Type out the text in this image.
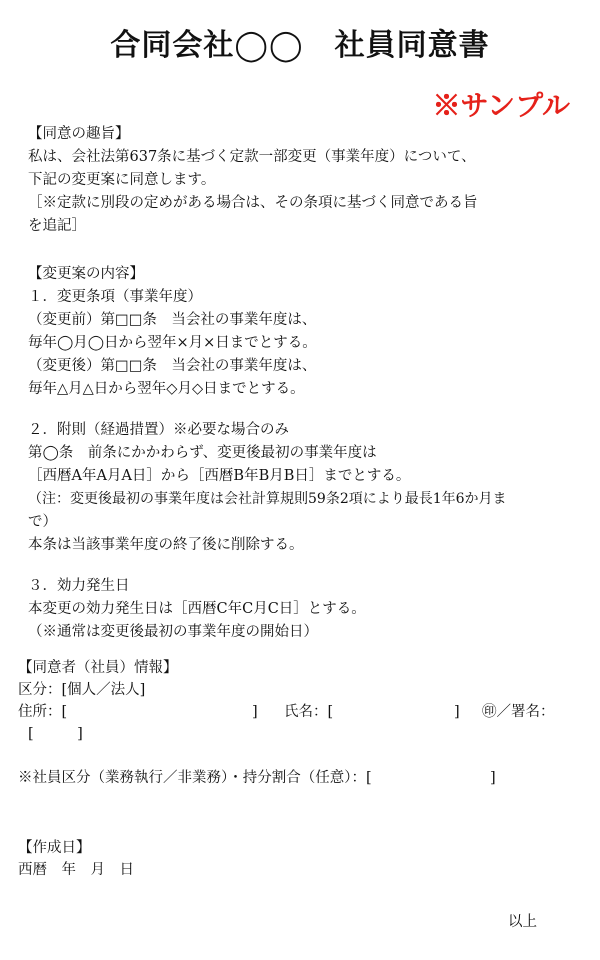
合同会社◯◯　社員同意書
※サンプル
【同意の趣旨】
私は、会社法第637条に基づく定款一部変更（事業年度）について、
下記の変更案に同意します。
［※定款に別段の定めがある場合は、その条項に基づく同意である旨
を追記］
【変更案の内容】
１．変更条項（事業年度）
（変更前）第□□条　当会社の事業年度は、
毎年◯月◯日から翌年×月×日までとする。
（変更後）第□□条　当会社の事業年度は、
毎年△月△日から翌年◇月◇日までとする。
２．附則（経過措置）※必要な場合のみ
第◯条　前条にかかわらず、変更後最初の事業年度は
［西暦A年A月A日］から［西暦B年B月B日］までとする。
（注：変更後最初の事業年度は会社計算規則59条2項により最長1年6か月ま
で）
本条は当該事業年度の終了後に削除する。
３．効力発生日
本変更の効力発生日は［西暦C年C月C日］とする。
（※通常は変更後最初の事業年度の開始日）
【同意者（社員）情報】
区分：[個人／法人]
住所：[	] 氏名：[	] ㊞／署名：
[　　　]
※社員区分（業務執行／非業務）・持分割合（任意）：[	]
【作成日】
西暦　年　月　日
以上
